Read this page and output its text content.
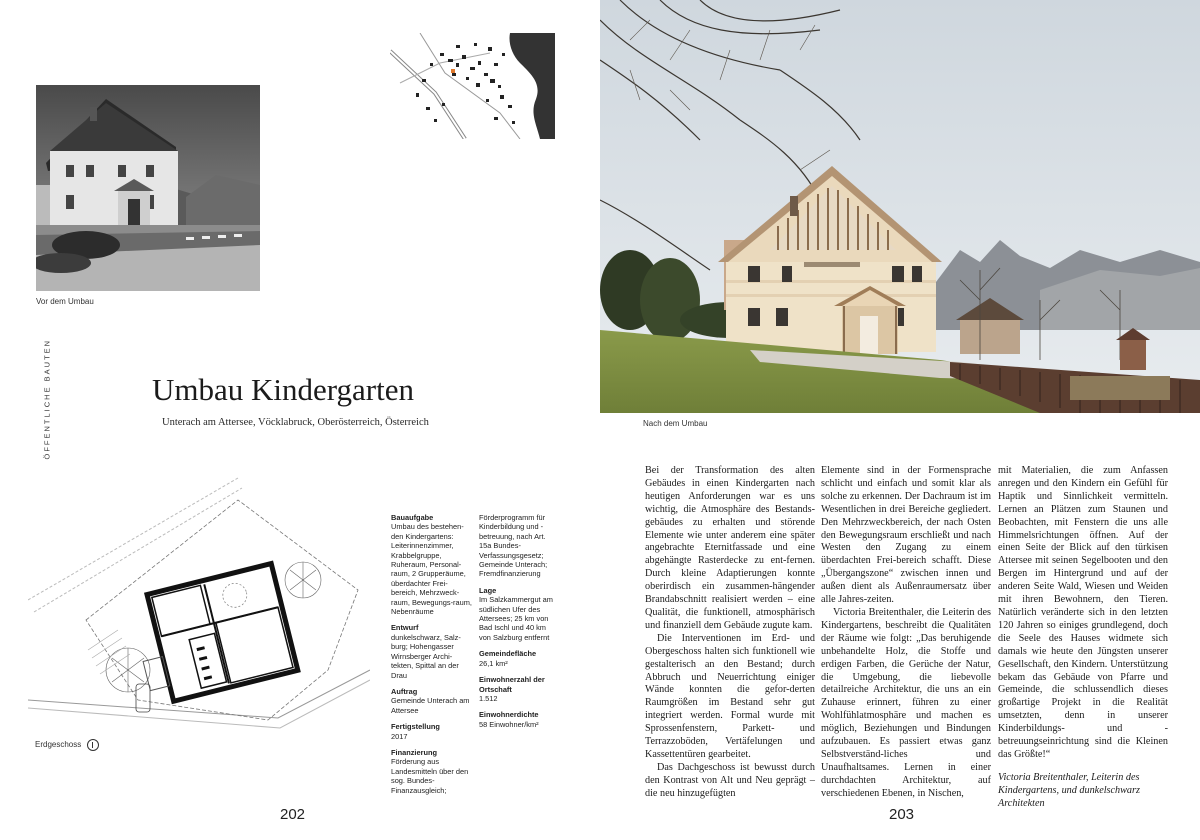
Vor dem Umbau
ÖFFENTLICHE BAUTEN	Umbau Kindergarten
Unterach am Attersee, Vöcklabruck, Oberösterreich, Österreich
Erdgeschoss
Bauaufgabe
Umbau des bestehen-den Kindergartens: Leiterinnenzimmer, Krabbelgruppe, Ruheraum, Personal-raum, 2 Grupperäume, überdachter Frei-bereich, Mehrzweck-raum, Bewegungs-raum, Nebenräume
Entwurf
dunkelschwarz, Salz-burg; Hohengasser Wirnsberger Archi-tekten, Spittal an der Drau
Auftrag
Gemeinde Unterach am Attersee
Fertigstellung
2017
Finanzierung
Förderung aus Landesmitteln über den sog. Bundes-Finanzausgleich;
Förderprogramm für Kinderbildung und -betreuung, nach Art. 15a Bundes-Verfassungsgesetz; Gemeinde Unterach; Fremdfinanzierung
Lage
Im Salzkammergut am südlichen Ufer des Attersees; 25 km von Bad Ischl und 40 km von Salzburg entfernt
Gemeindefläche
26,1 km²
Einwohnerzahl der Ortschaft
1.512
Einwohnerdichte
58 Einwohner/km²
202
Nach dem Umbau

Bei der Transformation des alten Gebäudes in einen Kindergarten nach heutigen Anforderungen war es uns wichtig, die Atmosphäre des Bestands-gebäudes zu erhalten und störende Elemente wie unter anderem eine später angebrachte Eternitfassade und eine abgehängte Rasterdecke zu ent-fernen. Durch kleine Adaptierungen konnte oberirdisch ein zusammen-hängender Brandabschnitt realisiert werden – eine Qualität, die funktionell, atmosphärisch und finanziell dem Gebäude zugute kam.

Die Interventionen im Erd- und Obergeschoss halten sich funktionell wie gestalterisch an den Bestand; durch Abbruch und Neuerrichtung einiger Wände konnten die gefor-derten Raumgrößen im Bestand sehr gut integriert werden. Formal wurde mit Sprossenfenstern, Parkett- und Terrazzoböden, Vertäfelungen und Kassettentüren gearbeitet.

Das Dachgeschoss ist bewusst durch den Kontrast von Alt und Neu geprägt – die neu hinzugefügten

Elemente sind in der Formensprache schlicht und einfach und somit klar als solche zu erkennen. Der Dachraum ist im Wesentlichen in drei Bereiche gegliedert. Den Mehrzweckbereich, der nach Osten den Bewegungsraum erschließt und nach Westen den Zugang zu einem überdachten Frei-bereich schafft. Diese „Übergangszone“ zwischen innen und außen dient als Außenraumersatz über alle Jahres-zeiten.

Victoria Breitenthaler, die Leiterin des Kindergartens, beschreibt die Qualitäten der Räume wie folgt: „Das beruhigende unbehandelte Holz, die Stoffe und erdigen Farben, die Gerüche der Natur, die Umgebung, die liebevolle detailreiche Architektur, die uns an ein Zuhause erinnert, führen zu einer Wohlfühlatmosphäre und machen es möglich, Beziehungen und Bindungen aufzubauen. Es passiert etwas ganz Selbstverständ-liches und Unaufhaltsames. Lernen in einer durchdachten Architektur, auf verschiedenen Ebenen, in Nischen,

mit Materialien, die zum Anfassen anregen und den Kindern ein Gefühl für Haptik und Sinnlichkeit vermitteln. Lernen an Plätzen zum Staunen und Beobachten, mit Fenstern die uns alle Himmelsrichtungen öffnen. Auf der einen Seite der Blick auf den türkisen Attersee mit seinen Segelbooten und den Bergen im Hintergrund und auf der anderen Seite Wald, Wiesen und Weiden mit ihren Bewohnern, den Tieren. Natürlich veränderte sich in den letzten 120 Jahren so einiges grundlegend, doch die Seele des Hauses widmete sich damals wie heute den Jüngsten unserer Gesellschaft, den Kindern. Unterstützung bekam das Gebäude von Pfarre und Gemeinde, die schlussendlich dieses großartige Projekt in die Realität umsetzten, denn in unserer Kinderbildungs- und -betreuungseinrichtung sind die Kleinen das Größte!“

Victoria Breitenthaler, Leiterin des Kindergartens, und dunkelschwarz Architekten

203
